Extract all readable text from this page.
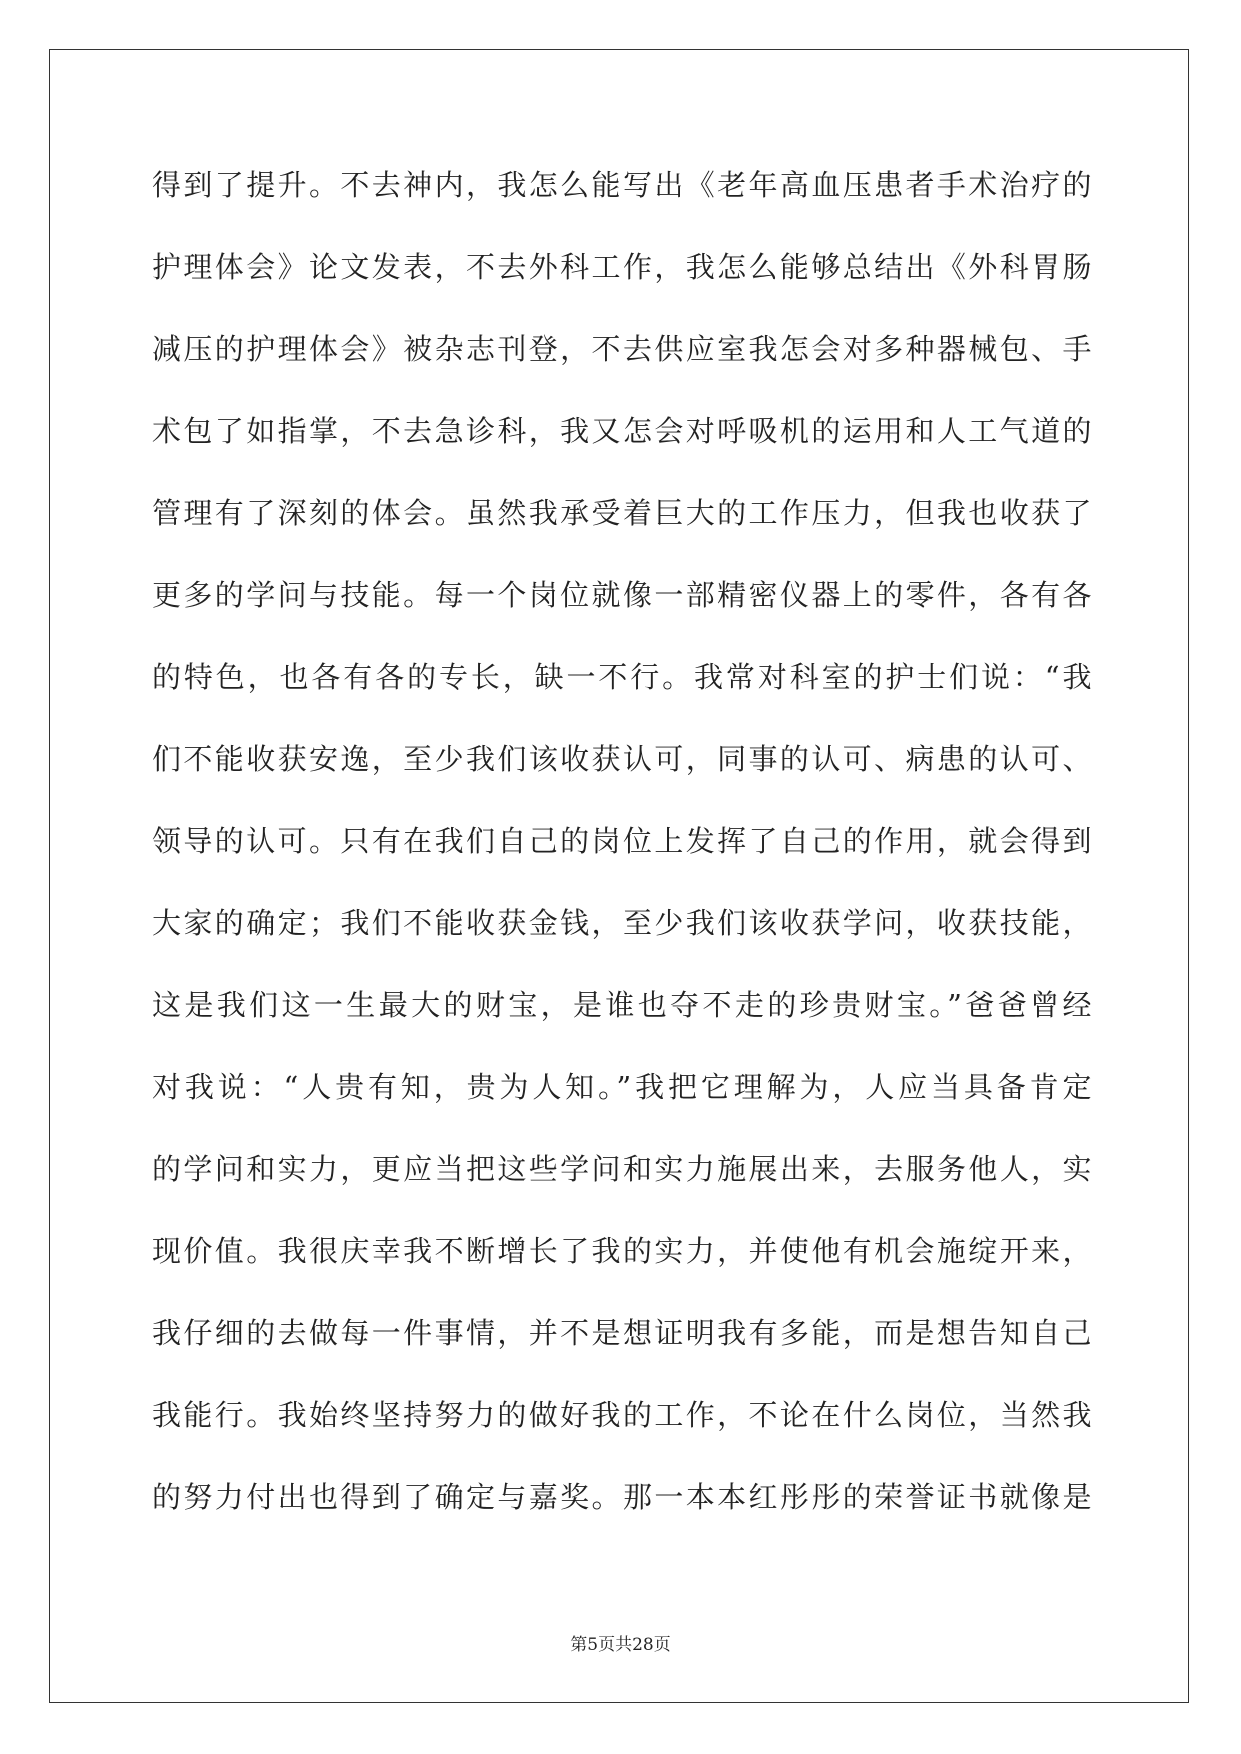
得到了提升。不去神内，我怎么能写出《老年高血压患者手术治疗的
护理体会》论文发表，不去外科工作，我怎么能够总结出《外科胃肠
减压的护理体会》被杂志刊登，不去供应室我怎会对多种器械包、手
术包了如指掌，不去急诊科，我又怎会对呼吸机的运用和人工气道的
管理有了深刻的体会。虽然我承受着巨大的工作压力，但我也收获了
更多的学问与技能。每一个岗位就像一部精密仪器上的零件，各有各
的特色，也各有各的专长，缺一不行。我常对科室的护士们说：“我
们不能收获安逸，至少我们该收获认可，同事的认可、病患的认可、
领导的认可。只有在我们自己的岗位上发挥了自己的作用，就会得到
大家的确定；我们不能收获金钱，至少我们该收获学问，收获技能，
这是我们这一生最大的财宝，是谁也夺不走的珍贵财宝。”爸爸曾经
对我说：“人贵有知，贵为人知。”我把它理解为，人应当具备肯定
的学问和实力，更应当把这些学问和实力施展出来，去服务他人，实
现价值。我很庆幸我不断增长了我的实力，并使他有机会施绽开来，
我仔细的去做每一件事情，并不是想证明我有多能，而是想告知自己
我能行。我始终坚持努力的做好我的工作，不论在什么岗位，当然我
的努力付出也得到了确定与嘉奖。那一本本红彤彤的荣誉证书就像是
第5页共28页
